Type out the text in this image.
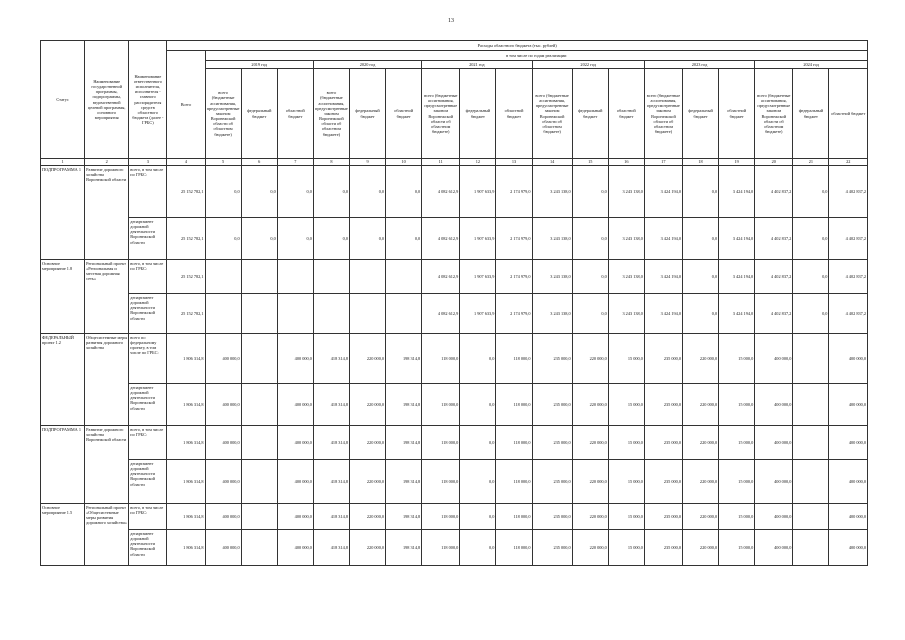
13
Статус	Наименование государственной программы, подпрограммы, ведомственной целевой программы, основного мероприятия	Наименование ответственного исполнителя, исполнителя - главного распорядителя средств областного бюджета (далее - ГРБС)	Расходы областного бюджета (тыс. рублей)																		
			Всего	в том числе по годам реализации																	
				2019 год			2020 год			2021 год			2022 год			2023 год			2024 год		
				всего (бюджетные ассигнования, предусмотренные законом Воронежской области об областном бюджете)	федеральный бюджет	областной бюджет	всего (бюджетные ассигнования, предусмотренные законом Воронежской области об областном бюджете)	федеральный бюджет	областной бюджет	всего (бюджетные ассигнования, предусмотренные законом Воронежской области об областном бюджете)	федеральный бюджет	областной бюджет	всего (бюджетные ассигнования, предусмотренные законом Воронежской области об областном бюджете)	федеральный бюджет	областной бюджет	всего (бюджетные ассигнования, предусмотренные законом Воронежской области об областном бюджете)	федеральный бюджет	областной бюджет	всего (бюджетные ассигнования, предусмотренные законом Воронежской области об областном бюджете)	федеральный бюджет	областной бюджет
1	2	3	4	5	6	7	8	9	10	11	12	13	14	15	16	17	18	19	20	21	22
ПОДПРОГРАММА 1	Развитие дорожного хозяйства Воронежской области	всего, в том числе по ГРБС:	25 152 782,1	0,0	0,0	0,0	0,0	0,0	0,0	4 082 612,9	1 907 633,9	2 174 979,0	3 243 138,0	0,0	3 243 138,0	3 424 194,0	0,0	3 424 194,0	4 402 837,2	0,0	4 402 837,2
		департамент дорожной деятельности Воронежской области	25 152 782,1	0,0	0,0	0,0	0,0	0,0	0,0	4 082 612,9	1 907 633,9	2 174 979,0	3 243 138,0	0,0	3 243 138,0	3 424 194,0	0,0	3 424 194,0	4 402 837,2	0,0	4 402 837,2
Основное мероприятие 1.8	Региональный проект «Региональная и местная дорожная сеть»	всего, в том числе по ГРБС:	25 152 782,1							4 082 612,9	1 907 633,9	2 174 979,0	3 243 138,0	0,0	3 243 138,0	3 424 194,0	0,0	3 424 194,0	4 402 837,2	0,0	4 402 837,2
		департамент дорожной деятельности Воронежской области	25 152 782,1							4 082 612,9	1 907 633,9	2 174 979,0	3 243 138,0	0,0	3 243 138,0	3 424 194,0	0,0	3 424 194,0	4 402 837,2	0,0	4 402 837,2
ФЕДЕРАЛЬНЫЙ проект 1.2	Общесистемные меры развития дорожного хозяйства	всего по федеральному проекту, в том числе по ГРБС:	1 806 314,8	400 000,0		400 000,0	418 314,8	220 000,0	198 314,8	118 000,0	0,0	118 000,0	235 000,0	220 000,0	15 000,0	235 000,0	220 000,0	15 000,0	400 000,0		400 000,0
		департамент дорожной деятельности Воронежской области	1 806 314,8	400 000,0		400 000,0	418 314,8	220 000,0	198 314,8	118 000,0	0,0	118 000,0	235 000,0	220 000,0	15 000,0	235 000,0	220 000,0	15 000,0	400 000,0		400 000,0
ПОДПРОГРАММА 1	Развитие дорожного хозяйства Воронежской области	всего, в том числе по ГРБС:	1 806 314,8	400 000,0		400 000,0	418 314,8	220 000,0	198 314,8	118 000,0	0,0	118 000,0	235 000,0	220 000,0	15 000,0	235 000,0	220 000,0	15 000,0	400 000,0		400 000,0
		департамент дорожной деятельности Воронежской области	1 806 314,8	400 000,0		400 000,0	418 314,8	220 000,0	198 314,8	118 000,0	0,0	118 000,0	235 000,0	220 000,0	15 000,0	235 000,0	220 000,0	15 000,0	400 000,0		400 000,0
Основное мероприятие 1.5	Региональный проект «Общесистемные меры развития дорожного хозяйства»	всего, в том числе по ГРБС:	1 806 314,8	400 000,0		400 000,0	418 314,8	220 000,0	198 314,8	118 000,0	0,0	118 000,0	235 000,0	220 000,0	15 000,0	235 000,0	220 000,0	15 000,0	400 000,0		400 000,0
		департамент дорожной деятельности Воронежской области	1 806 314,8	400 000,0		400 000,0	418 314,8	220 000,0	198 314,8	118 000,0	0,0	118 000,0	235 000,0	220 000,0	15 000,0	235 000,0	220 000,0	15 000,0	400 000,0		400 000,0
